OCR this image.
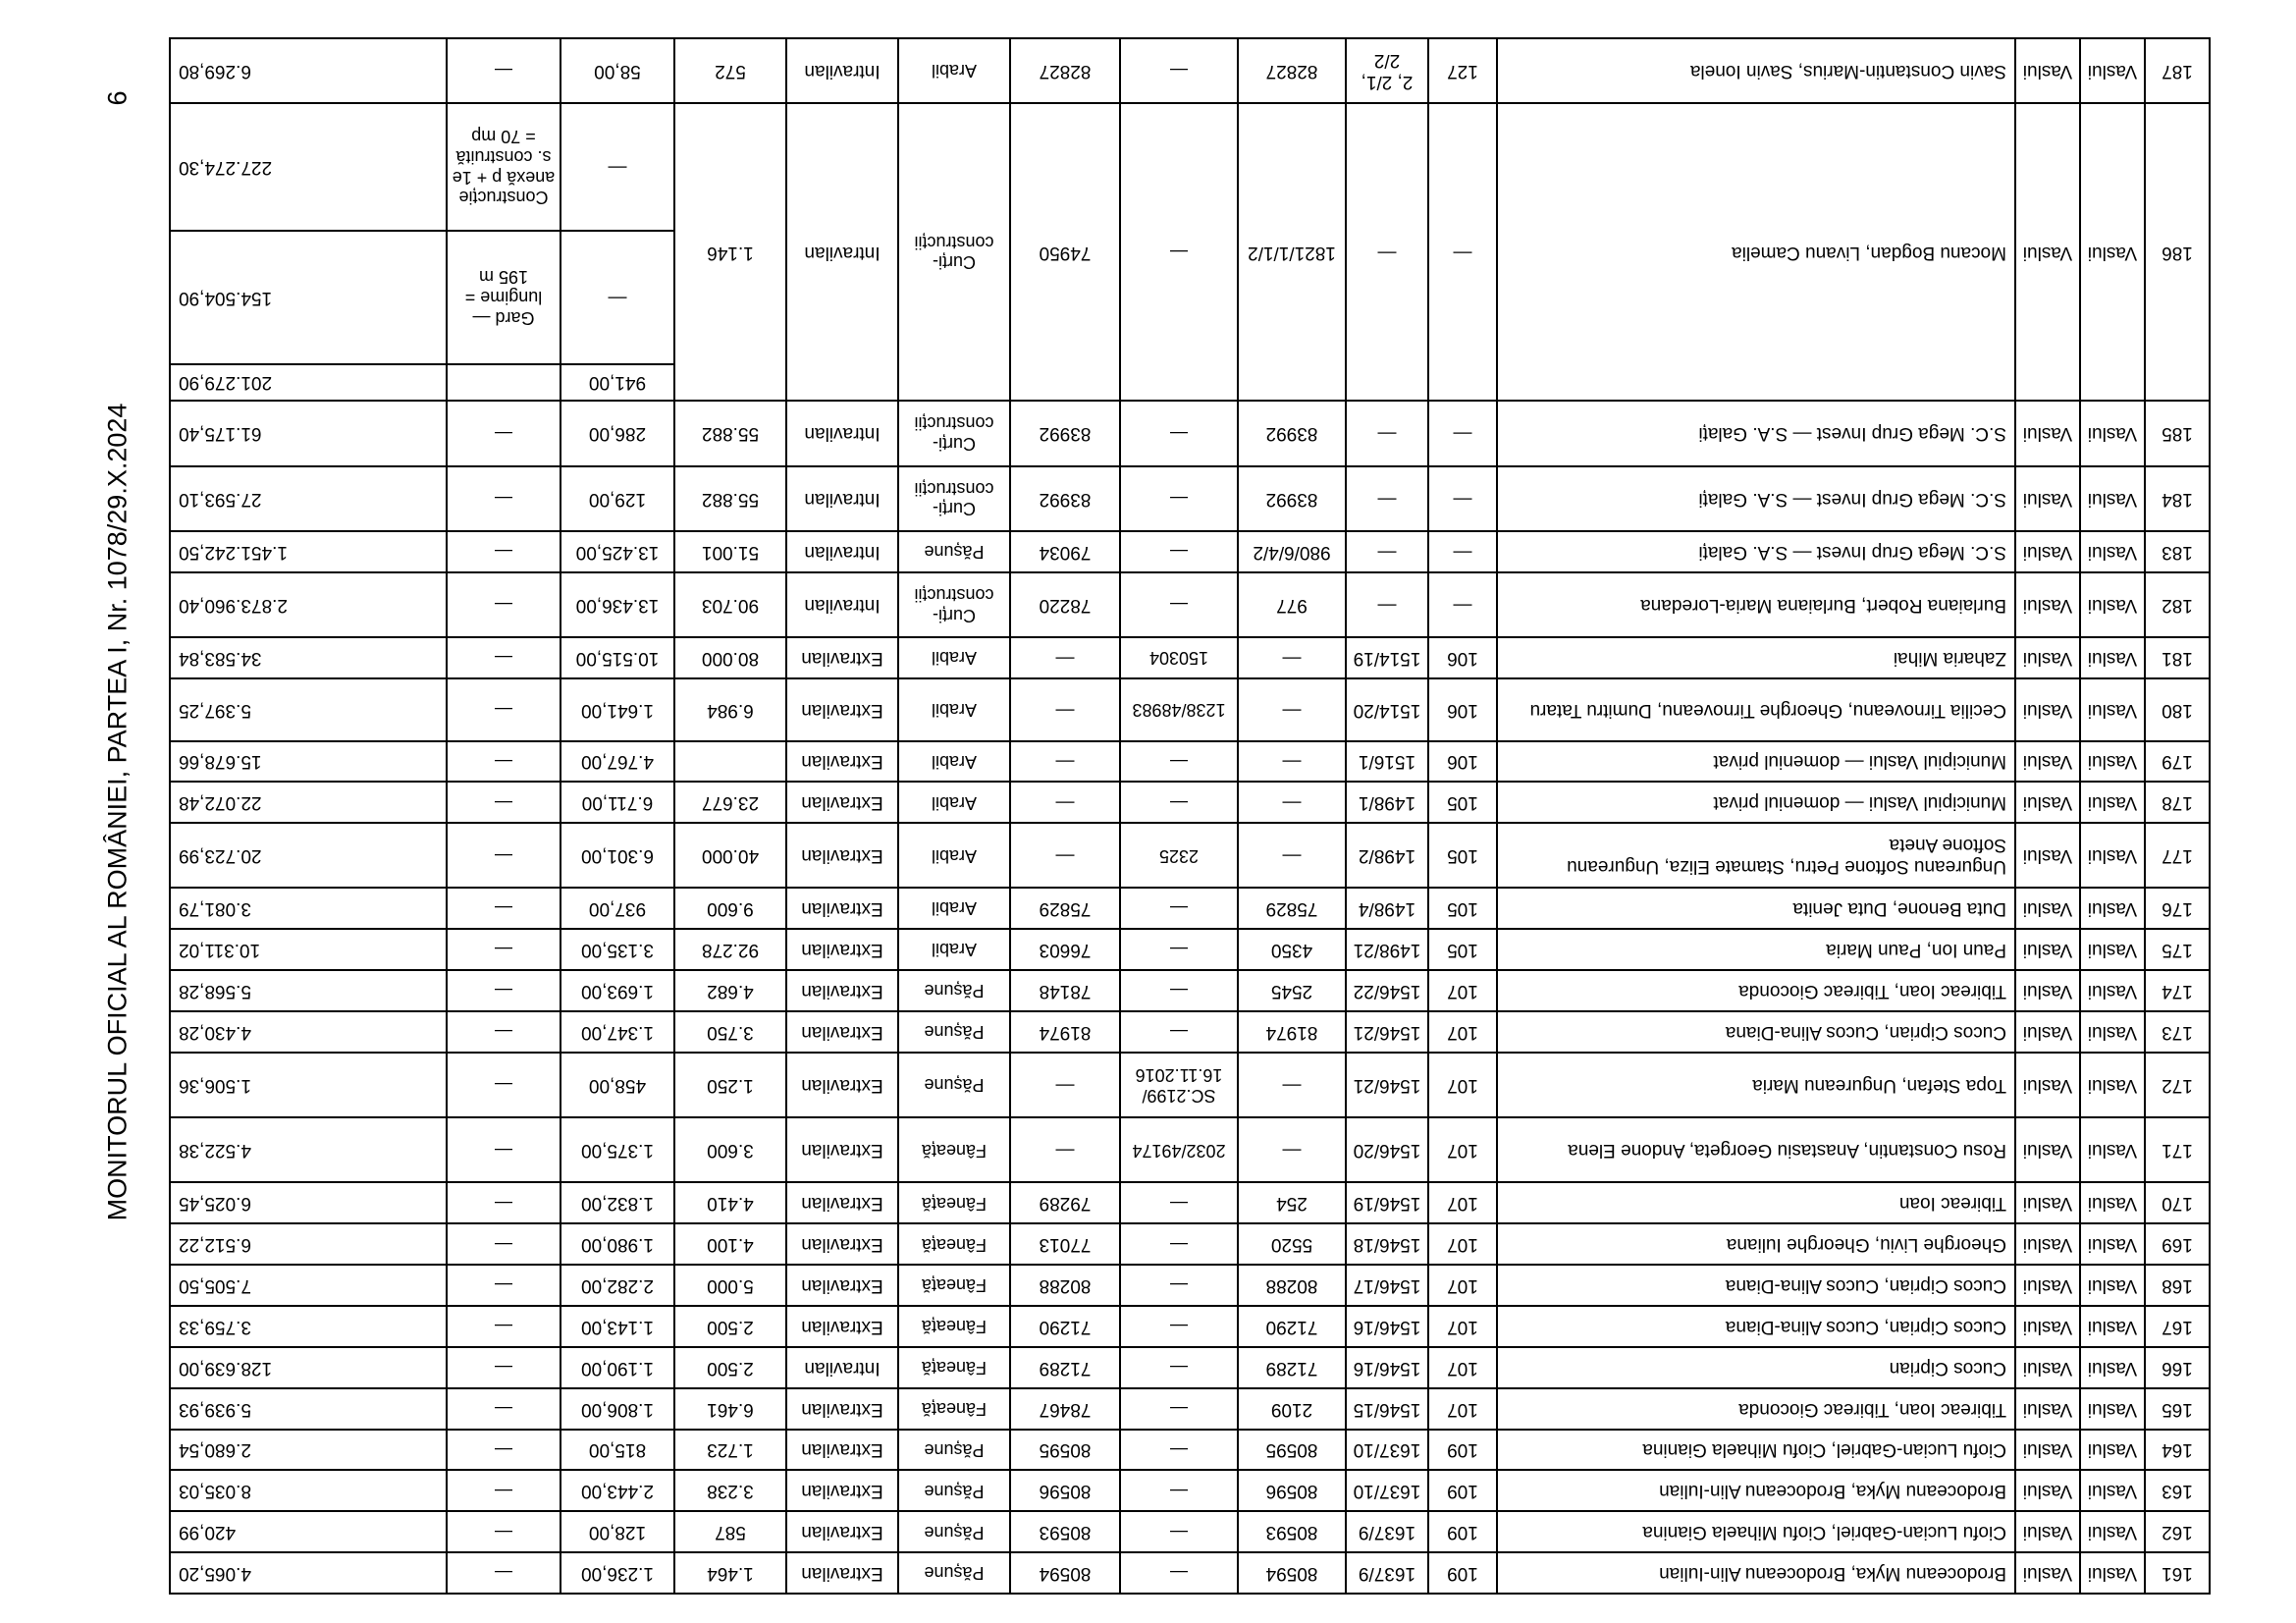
MONITORUL OFICIAL AL ROMÂNIEI, PARTEA I, Nr. 1078/29.X.2024
6
161	Vaslui	Vaslui	Brodoceanu Myka, Brodoceanu Alin-Iulian	109	1637/9	80594	—	80594	Pășune	Extravilan	1.464	1.236,00	—	4.065,20
162	Vaslui	Vaslui	Ciofu Lucian-Gabriel, Ciofu Mihaela Gianina	109	1637/9	80593	—	80593	Pășune	Extravilan	587	128,00	—	420,99
163	Vaslui	Vaslui	Brodoceanu Myka, Brodoceanu Alin-Iulian	109	1637/10	80596	—	80596	Pășune	Extravilan	3.238	2.443,00	—	8.035,03
164	Vaslui	Vaslui	Ciofu Lucian-Gabriel, Ciofu Mihaela Gianina	109	1637/10	80595	—	80595	Pășune	Extravilan	1.723	815,00	—	2.680,54
165	Vaslui	Vaslui	Tibireac Ioan, Tibireac Gioconda	107	1546/15	2109	—	78467	Fâneață	Extravilan	6.461	1.806,00	—	5.939,93
166	Vaslui	Vaslui	Cucos Ciprian	107	1546/16	71289	—	71289	Fâneață	Intravilan	2.500	1.190,00	—	128.639,00
167	Vaslui	Vaslui	Cucos Ciprian, Cucos Alina-Diana	107	1546/16	71290	—	71290	Fâneață	Extravilan	2.500	1.143,00	—	3.759,33
168	Vaslui	Vaslui	Cucos Ciprian, Cucos Alina-Diana	107	1546/17	80288	—	80288	Fâneață	Extravilan	5.000	2.282,00	—	7.505,50
169	Vaslui	Vaslui	Gheorghe Liviu, Gheorghe Iuliana	107	1546/18	5520	—	77013	Fâneață	Extravilan	4.100	1.980,00	—	6.512,22
170	Vaslui	Vaslui	Tibireac Ioan	107	1546/19	254	—	79289	Fâneață	Extravilan	4.410	1.832,00	—	6.025,45
171	Vaslui	Vaslui	Rosu Constantin, Anastasiu Georgeta, Andone Elena	107	1546/20	—	2032/49174	—	Fâneață	Extravilan	3.600	1.375,00	—	4.522,38
172	Vaslui	Vaslui	Topa Stefan, Ungureanu Maria	107	1546/21	—	SC.2199/ 16.11.2016	—	Pășune	Extravilan	1.250	458,00	—	1.506,36
173	Vaslui	Vaslui	Cucos Ciprian, Cucos Alina-Diana	107	1546/21	81974	—	81974	Pășune	Extravilan	3.750	1.347,00	—	4.430,28
174	Vaslui	Vaslui	Tibireac Ioan, Tibireac Gioconda	107	1546/22	2545	—	78148	Pășune	Extravilan	4.682	1.693,00	—	5.568,28
175	Vaslui	Vaslui	Paun Ion, Paun Maria	105	1498/21	4350	—	76603	Arabil	Extravilan	92.278	3.135,00	—	10.311,02
176	Vaslui	Vaslui	Duta Benone, Duta Jenita	105	1498/4	75829	—	75829	Arabil	Extravilan	9.600	937,00	—	3.081,79
177	Vaslui	Vaslui	Ungureanu Softone Petru, Stamate Eliza, Ungureanu Softone Aneta	105	1498/2	—	2325	—	Arabil	Extravilan	40.000	6.301,00	—	20.723,99
178	Vaslui	Vaslui	Municipiul Vaslui — domeniul privat	105	1498/1	—	—	—	Arabil	Extravilan	23.677	6.711,00	—	22.072,48
179	Vaslui	Vaslui	Municipiul Vaslui — domeniul privat	106	1516/1	—	—	—	Arabil	Extravilan		4.767,00	—	15.678,66
180	Vaslui	Vaslui	Cecilia Tirnoveanu, Gheorghe Tirnoveanu, Dumitru Tataru	106	1514/20	—	1238/48983	—	Arabil	Extravilan	6.984	1.641,00	—	5.397,25
181	Vaslui	Vaslui	Zaharia Mihai	106	1514/19	—	150304	—	Arabil	Extravilan	80.000	10.515,00	—	34.583,84
182	Vaslui	Vaslui	Burlaiana Robert, Burlaiana Maria-Loredana	—	—	977	—	78220	Curți-construcții	Intravilan	90.703	13.436,00	—	2.873.960,40
183	Vaslui	Vaslui	S.C. Mega Grup Invest — S.A. Galați	—	—	980/6/4/2	—	79034	Pășune	Intravilan	51.001	13.425,00	—	1.451.242,50
184	Vaslui	Vaslui	S.C. Mega Grup Invest — S.A. Galați	—	—	83992	—	83992	Curți-construcții	Intravilan	55.882	129,00	—	27.593,10
185	Vaslui	Vaslui	S.C. Mega Grup Invest — S.A. Galați	—	—	83992	—	83992	Curți-construcții	Intravilan	55.882	286,00	—	61.175,40
186	Vaslui	Vaslui	Mocanu Bogdan, Livanu Camelia	—	—	1821/1/1/2	—	74950	Curți-construcții	Intravilan	1.146	941,00		201.279,90
												—	Gard — lungime = 195 m	154.504,90
												—	Construcție anexă p + 1e s. construită = 70 mp	227.274,30
187	Vaslui	Vaslui	Savin Constantin-Marius, Savin Ionela	127	2, 2/1, 2/2	82827	—	82827	Arabil	Intravilan	572	58,00	—	6.269,80
